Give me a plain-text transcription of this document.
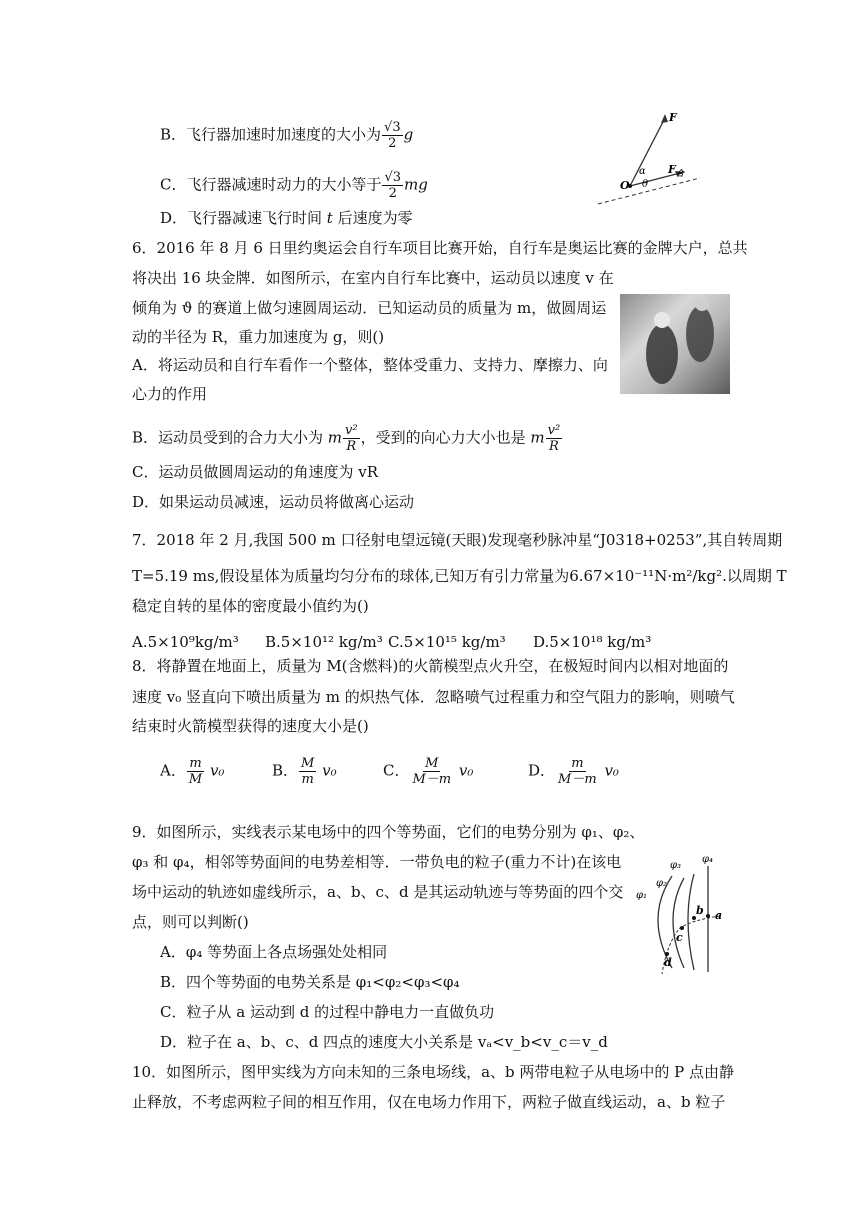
B．飞行器加速时加速度的大小为 $\frac{√3}{2}$ g
C．飞行器减速时动力的大小等于 $\frac{√3}{2}$ mg
D．飞行器减速飞行时间 t 后速度为零
F
$F_合$
α
θ
O
6．2016 年 8 月 6 日里约奥运会自行车项目比赛开始，自行车是奥运比赛的金牌大户，总共
将决出 16 块金牌．如图所示，在室内自行车比赛中，运动员以速度 v 在
倾角为 ϑ 的赛道上做匀速圆周运动．已知运动员的质量为 m，做圆周运
动的半径为 R，重力加速度为 g，则()
A．将运动员和自行车看作一个整体，整体受重力、支持力、摩擦力、向
心力的作用
B．运动员受到的合力大小为 m $\frac{\text{v²}}{R}$ ，受到的向心力大小也是 m $\frac{\text{v²}}{R}$
C．运动员做圆周运动的角速度为 vR
D．如果运动员减速，运动员将做离心运动
7．2018 年 2 月,我国 500 m 口径射电望远镜(天眼)发现毫秒脉冲星“J0318+0253”,其自转周期
T=5.19 ms,假设星体为质量均匀分布的球体,已知万有引力常量为6.67×10⁻¹¹N·m²/kg².以周期 T
稳定自转的星体的密度最小值约为()
A.5×10⁹kg/m³ B.5×10¹² kg/m³ C.5×10¹⁵ kg/m³ D.5×10¹⁸ kg/m³
8．将静置在地面上，质量为 M(含燃料)的火箭模型点火升空，在极短时间内以相对地面的
速度 v₀ 竖直向下喷出质量为 m 的炽热气体．忽略喷气过程重力和空气阻力的影响，则喷气
结束时火箭模型获得的速度大小是()
A． $\frac{m}{M} v_0$	B． $\frac{M}{m} v_0$	C． $\frac{M}{M-m} v_0$	D． $\frac{m}{M-m} v_0$
9．如图所示，实线表示某电场中的四个等势面，它们的电势分别为 φ₁、φ₂、
φ₃ 和 φ₄，相邻等势面间的电势差相等．一带负电的粒子(重力不计)在该电
场中运动的轨迹如虚线所示，a、b、c、d 是其运动轨迹与等势面的四个交
点，则可以判断()
A．φ₄ 等势面上各点场强处处相同
B．四个等势面的电势关系是 φ₁<φ₂<φ₃<φ₄
C．粒子从 a 运动到 d 的过程中静电力一直做负功
D．粒子在 a、b、c、d 四点的速度大小关系是 vₐ<v_b<v_c＝v_d
φ₁
φ₂
φ₃
φ₄
a
b
c
d
10．如图所示，图甲实线为方向未知的三条电场线，a、b 两带电粒子从电场中的 P 点由静
止释放，不考虑两粒子间的相互作用，仅在电场力作用下，两粒子做直线运动，a、b 粒子
